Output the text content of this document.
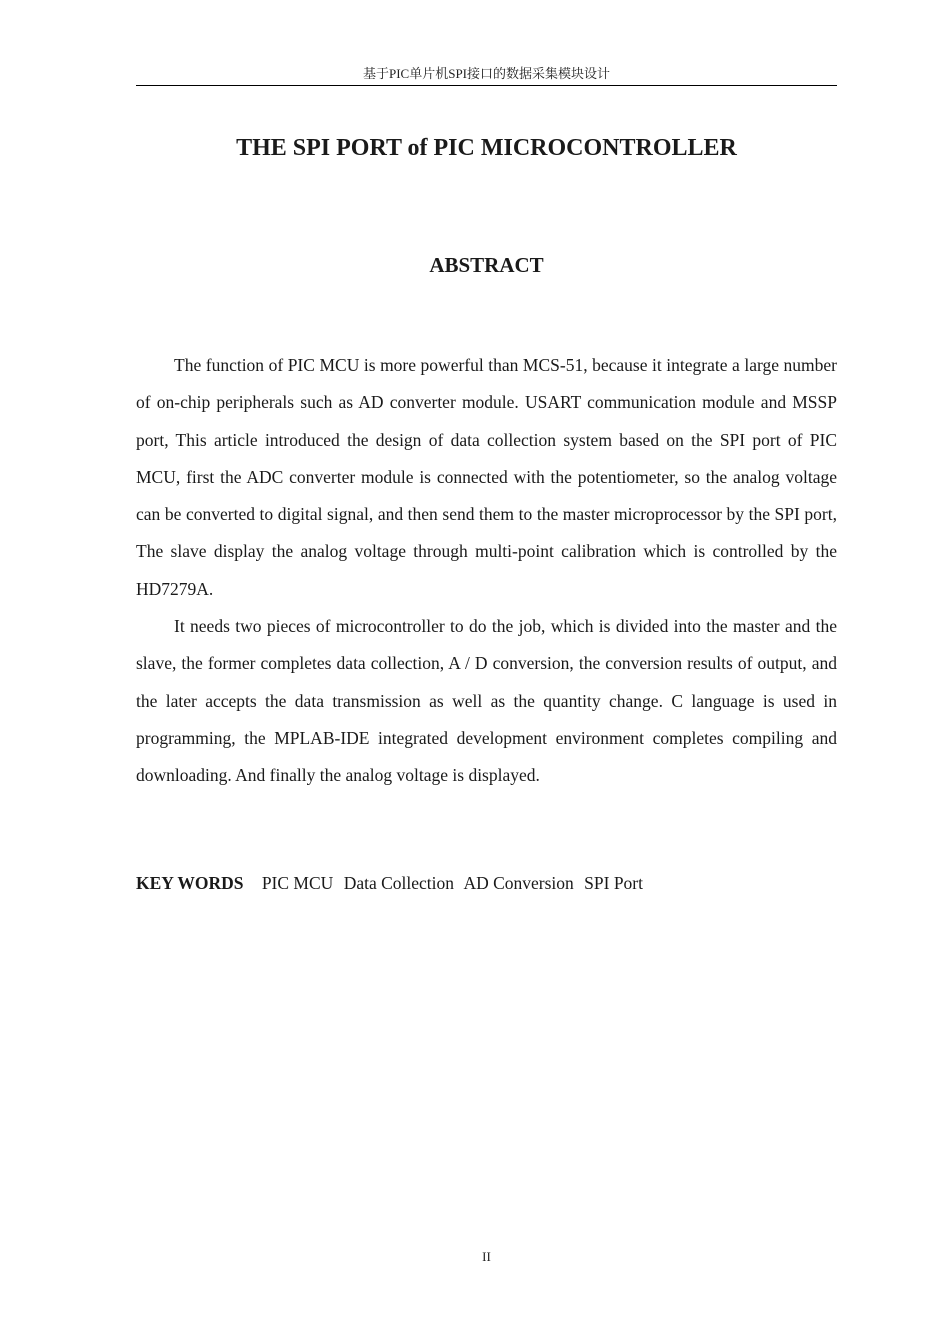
基于PIC单片机SPI接口的数据采集模块设计
THE SPI PORT of PIC MICROCONTROLLER
ABSTRACT

The function of PIC MCU is more powerful than MCS-51, because it integrate a large number of on-chip peripherals such as AD converter module. USART communication module and MSSP port, This article introduced the design of data collection system based on the SPI port of PIC MCU, first the ADC converter module is connected with the potentiometer, so the analog voltage can be converted to digital signal, and then send them to the master microprocessor by the SPI port, The slave display the analog voltage through multi-point calibration which is controlled by the HD7279A.

It needs two pieces of microcontroller to do the job, which is divided into the master and the slave, the former completes data collection, A / D conversion, the conversion results of output, and the later accepts the data transmission as well as the quantity change. C language is used in programming, the MPLAB-IDE integrated development environment completes compiling and downloading. And finally the analog voltage is displayed.

KEY WORDS PIC MCU Data Collection AD Conversion SPI Port
II
